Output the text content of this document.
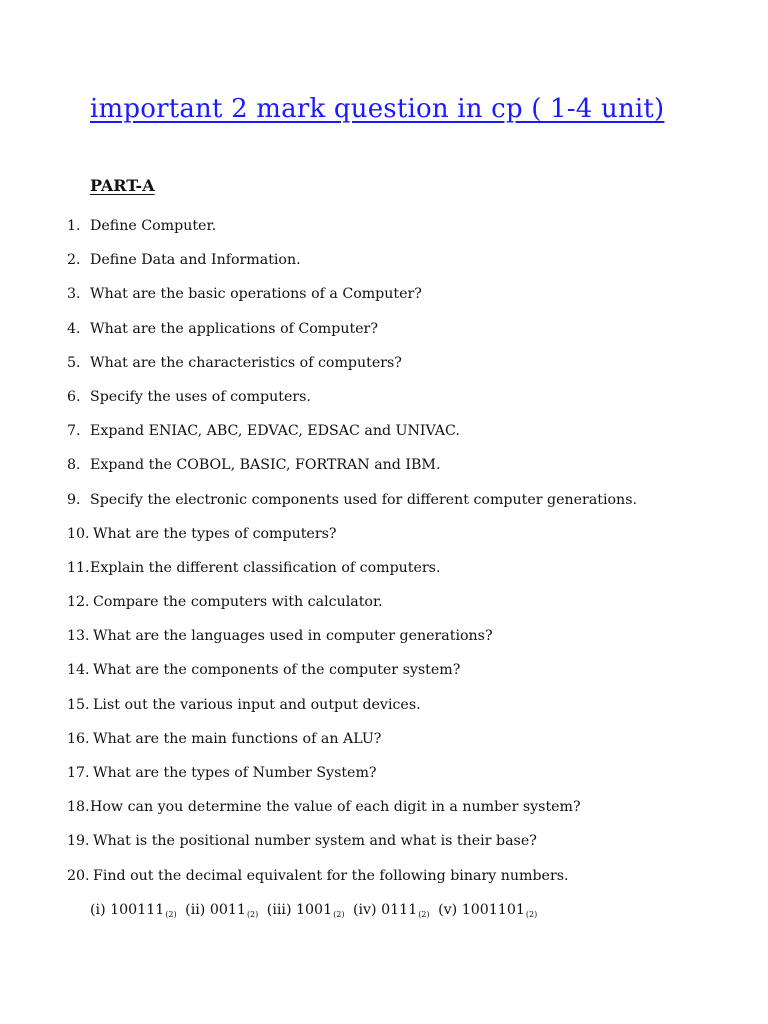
important 2 mark question in cp ( 1-4 unit)
PART-A
1. Define Computer.
2. Define Data and Information.
3. What are the basic operations of a Computer?
4. What are the applications of Computer?
5. What are the characteristics of computers?
6. Specify the uses of computers.
7. Expand ENIAC, ABC, EDVAC, EDSAC and UNIVAC.
8. Expand the COBOL, BASIC, FORTRAN and IBM.
9. Specify the electronic components used for different computer generations.
10. What are the types of computers?
11. Explain the different classification of computers.
12. Compare the computers with calculator.
13. What are the languages used in computer generations?
14. What are the components of the computer system?
15. List out the various input and output devices.
16. What are the main functions of an ALU?
17. What are the types of Number System?
18. How can you determine the value of each digit in a number system?
19. What is the positional number system and what is their base?
20. Find out the decimal equivalent for the following binary numbers.
(i) $100111_{(2)}$ (ii) $0011_{(2)}$ (iii) $1001_{(2)}$ (iv) $0111_{(2)}$ (v) $1001101_{(2)}$
